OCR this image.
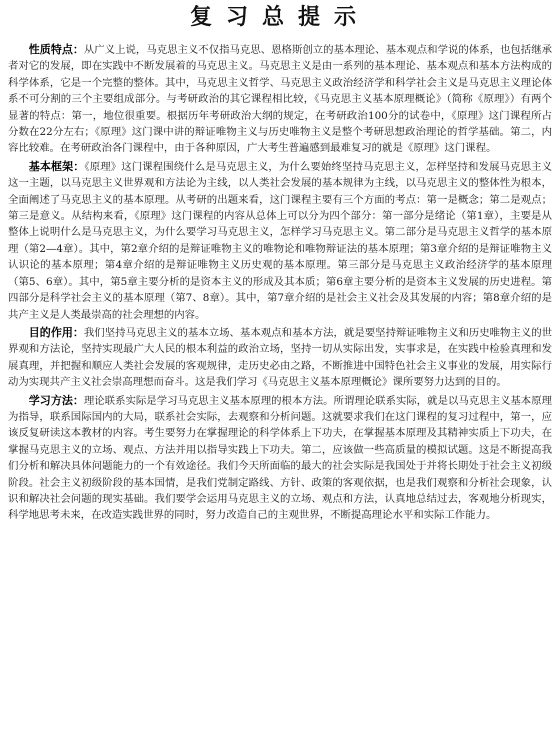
复习总提示

性质特点：从广义上说，马克思主义不仅指马克思、恩格斯创立的基本理论、基本观点和学说的体系，也包括继承者对它的发展，即在实践中不断发展着的马克思主义。马克思主义是由一系列的基本理论、基本观点和基本方法构成的科学体系，它是一个完整的整体。其中，马克思主义哲学、马克思主义政治经济学和科学社会主义是马克思主义理论体系不可分割的三个主要组成部分。与考研政治的其它课程相比较，《马克思主义基本原理概论》（简称《原理》）有两个显著的特点：第一，地位很重要。根据历年考研政治大纲的规定，在考研政治100分的试卷中，《原理》这门课程所占分数在22分左右；《原理》这门课中讲的辩证唯物主义与历史唯物主义是整个考研思想政治理论的哲学基础。第二，内容比较难。在考研政治各门课程中，由于各种原因，广大考生普遍感到最难复习的就是《原理》这门课程。

基本框架：《原理》这门课程围绕什么是马克思主义，为什么要始终坚持马克思主义，怎样坚持和发展马克思主义这一主题，以马克思主义世界观和方法论为主线，以人类社会发展的基本规律为主线，以马克思主义的整体性为根本，全面阐述了马克思主义的基本原理。从考研的出题来看，这门课程主要有三个方面的考点：第一是概念；第二是观点；第三是意义。从结构来看，《原理》这门课程的内容从总体上可以分为四个部分：第一部分是绪论（第1章），主要是从整体上说明什么是马克思主义，为什么要学习马克思主义，怎样学习马克思主义。第二部分是马克思主义哲学的基本原理（第2—4章）。其中，第2章介绍的是辩证唯物主义的唯物论和唯物辩证法的基本原理；第3章介绍的是辩证唯物主义认识论的基本原理；第4章介绍的是辩证唯物主义历史观的基本原理。第三部分是马克思主义政治经济学的基本原理（第5、6章）。其中，第5章主要分析的是资本主义的形成及其本质；第6章主要分析的是资本主义发展的历史进程。第四部分是科学社会主义的基本原理（第7、8章）。其中，第7章介绍的是社会主义社会及其发展的内容；第8章介绍的是共产主义是人类最崇高的社会理想的内容。

目的作用：我们坚持马克思主义的基本立场、基本观点和基本方法，就是要坚持辩证唯物主义和历史唯物主义的世界观和方法论，坚持实现最广大人民的根本利益的政治立场，坚持一切从实际出发，实事求是，在实践中检验真理和发展真理，并把握和顺应人类社会发展的客观规律，走历史必由之路，不断推进中国特色社会主义事业的发展，用实际行动为实现共产主义社会崇高理想而奋斗。这是我们学习《马克思主义基本原理概论》课所要努力达到的目的。

学习方法：理论联系实际是学习马克思主义基本原理的根本方法。所谓理论联系实际，就是以马克思主义基本原理为指导，联系国际国内的大局，联系社会实际，去观察和分析问题。这就要求我们在这门课程的复习过程中，第一，应该反复研读这本教材的内容。考生要努力在掌握理论的科学体系上下功夫，在掌握基本原理及其精神实质上下功夫，在掌握马克思主义的立场、观点、方法并用以指导实践上下功夫。第二，应该做一些高质量的模拟试题。这是不断提高我们分析和解决具体问题能力的一个有效途径。我们今天所面临的最大的社会实际是我国处于并将长期处于社会主义初级阶段。社会主义初级阶段的基本国情，是我们党制定路线、方针、政策的客观依据，也是我们观察和分析社会现象，认识和解决社会问题的现实基础。我们要学会运用马克思主义的立场、观点和方法，认真地总结过去，客观地分析现实，科学地思考未来，在改造实践世界的同时，努力改造自己的主观世界，不断提高理论水平和实际工作能力。
